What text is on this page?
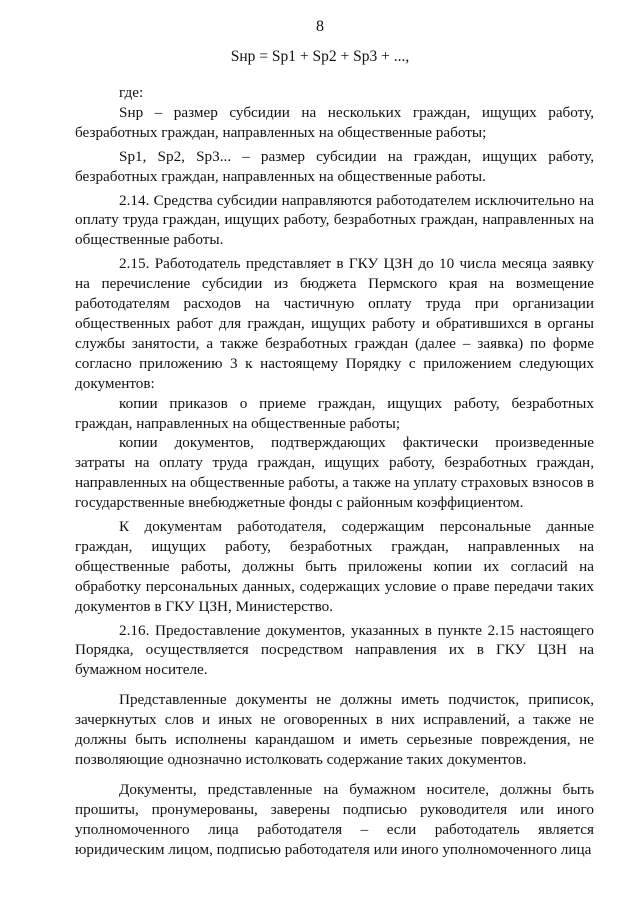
8
Sнр = Sp1 + Sp2 + Sp3 + ...,

где:

Sнр – размер субсидии на нескольких граждан, ищущих работу, безработных граждан, направленных на общественные работы;

Sp1, Sp2, Sp3... – размер субсидии на граждан, ищущих работу, безработных граждан, направленных на общественные работы.

2.14. Средства субсидии направляются работодателем исключительно на оплату труда граждан, ищущих работу, безработных граждан, направленных на общественные работы.

2.15. Работодатель представляет в ГКУ ЦЗН до 10 числа месяца заявку на перечисление субсидии из бюджета Пермского края на возмещение работодателям расходов на частичную оплату труда при организации общественных работ для граждан, ищущих работу и обратившихся в органы службы занятости, а также безработных граждан (далее – заявка) по форме согласно приложению 3 к настоящему Порядку с приложением следующих документов:

копии приказов о приеме граждан, ищущих работу, безработных граждан, направленных на общественные работы;

копии документов, подтверждающих фактически произведенные затраты на оплату труда граждан, ищущих работу, безработных граждан, направленных на общественные работы, а также на уплату страховых взносов в государственные внебюджетные фонды с районным коэффициентом.

К документам работодателя, содержащим персональные данные граждан, ищущих работу, безработных граждан, направленных на общественные работы, должны быть приложены копии их согласий на обработку персональных данных, содержащих условие о праве передачи таких документов в ГКУ ЦЗН, Министерство.

2.16. Предоставление документов, указанных в пункте 2.15 настоящего Порядка, осуществляется посредством направления их в ГКУ ЦЗН на бумажном носителе.

Представленные документы не должны иметь подчисток, приписок, зачеркнутых слов и иных не оговоренных в них исправлений, а также не должны быть исполнены карандашом и иметь серьезные повреждения, не позволяющие однозначно истолковать содержание таких документов.

Документы, представленные на бумажном носителе, должны быть прошиты, пронумерованы, заверены подписью руководителя или иного уполномоченного лица работодателя – если работодатель является юридическим лицом, подписью работодателя или иного уполномоченного лица
